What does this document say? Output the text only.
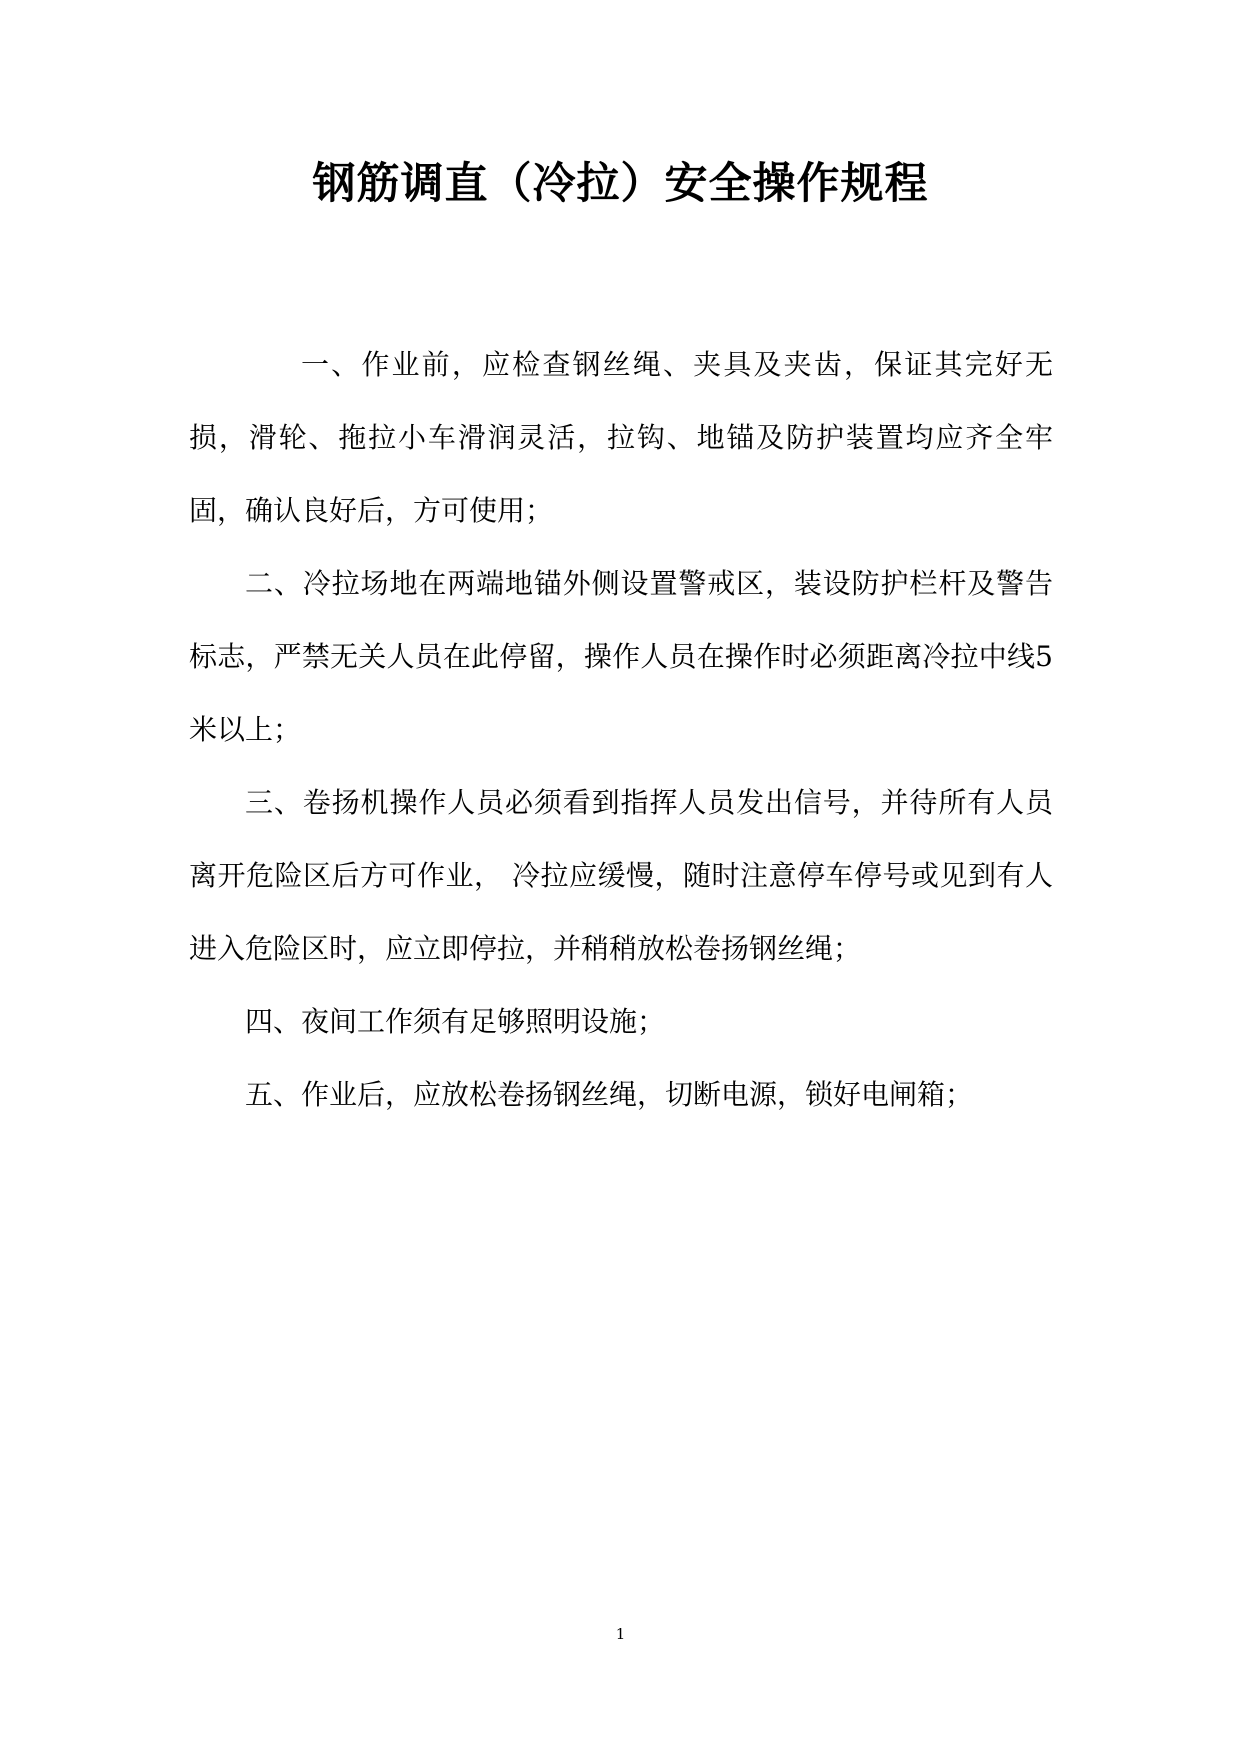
钢筋调直（冷拉）安全操作规程

一、作业前，应检查钢丝绳、夹具及夹齿，保证其完好无损，滑轮、拖拉小车滑润灵活，拉钩、地锚及防护装置均应齐全牢固，确认良好后，方可使用；

二、冷拉场地在两端地锚外侧设置警戒区，装设防护栏杆及警告标志，严禁无关人员在此停留，操作人员在操作时必须距离冷拉中线5米以上；

三、卷扬机操作人员必须看到指挥人员发出信号，并待所有人员离开危险区后方可作业， 冷拉应缓慢，随时注意停车停号或见到有人进入危险区时，应立即停拉，并稍稍放松卷扬钢丝绳；

四、夜间工作须有足够照明设施；

五、作业后，应放松卷扬钢丝绳，切断电源，锁好电闸箱；

1
